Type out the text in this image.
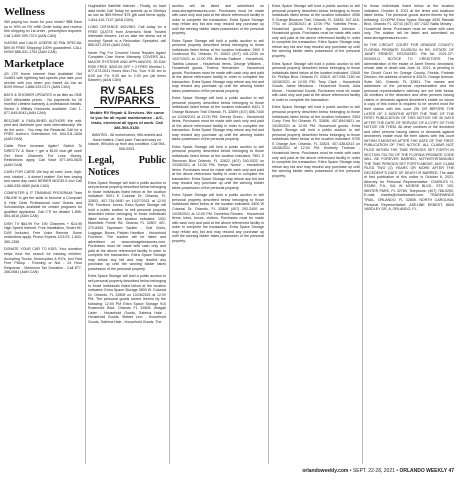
Wellness
Still paying too much for your meds? $$$ Save up to 90% on RX refill! Order today and receive free shipping on 1st order - prescription required. Call 1-855-399-7374 (AAN CAN)
VIAGRA and CIALIS USERS! 50 Pills SPECIAL $99.00 FREE Shipping! 100% guaranteed. CALL NOW! 888-531-1763 (AAN CAN)
Marketplace
4G LTE Home Internet Now Available! Get GotW3 with lightning fast speeds plus take your service with you when you travel! As low as $109.99/mo! 1-888-519-0171 (AAN CAN)
BATH & SHOWER UPDATES in as little as ONE DAY! Affordable prices - No payments for 18 months! Lifetime warranty & professional installs. Senior & Military Discounts available. Call: 1-877-649-5043 (AAN CAN)
BECOME A PUBLISHED AUTHOR! We edit, print and distribute your work internationally. We do the work... You reap the Rewards! Call for a FREE Author's Submission Kit: 844-511-1836 (AAN CAN)
Cable Price Increase Again? Switch To DIRECTV & Save + get a $100 visa gift card! Get More Channels For Less Money. Restrictions apply. Call Now! 877-693-0625 (AAN CAN)
CASH FOR CARS! We buy all cars! Junk, high-end, totaled – it doesn't matter! Get free towing and same day cash! NEWER MODELS too! Call 1-866-535-9689 (AAN CAN)
COMPUTER & IT TRAINING PROGRAM! Train ONLINE to get the skills to become a Computer & Help Desk Professional now! Grants and Scholarships available for certain programs for qualified applicants. Call CTI for details! 1-855-554-4616 (AAN CAN)
DISH TV $64.99 For 190 Channels + $14.95 High Speed Internet. Free Installation, Smart HD DVR Included, Free Voice Remote. Some restrictions apply. Promo Expires 1/21/23. 1-833-380-1358
DONATE YOUR CAR TO KIDS. Your donation helps fund the search for missing children. Accepting Trucks, Motorcycles & RV's, too! Fast Free Pickup - Running or Not - 24 Hour Response - Maximum Tax Donation - Call 877-266-0681 (AAN CAN)
HughesNet Satellite Internet - Finally, no hard data limits! Call Today for speeds up to 25mbps as low as $59.99/mo! $75 gift card terms apply. 1-844-416-7147 (AAN CAN)
LONG DISTANCE MOVING: Call today for a FREE QUOTE from America's Most Trusted Interstate Movers. Let us take the stress out of moving! Speak to a Relocation Specialist, call 855-947-2919 (AAN CAN)
Never Pay For Covered Home Repairs Again! Complete Care Home Warranty COVERS ALL MAJOR SYSTEMS AND APPLIANCES. 30 DAY RISK FREE. $200.00 OFF + 2 FREE Months! 1-877-673-0511 Hours Mon-Thu, Sun: 9:30 am to 8:00 pm Fri: 9:30 am to 2:00 pm (all times Eastern) (AAN CAN)
RV SALES RV/PARKS
Mobile RV Repair & Services. We come to you for all repair maintenance - A/C, leaks, electrical all types of work. Call 386-566-5180.
WANTED - All motorhomes, fifth-wheels and travel trailers. Cash paid. Fast and easy no hassle. Will pick up from any condition. Call 954-505-0003.
Legal, Public Notices

Extra Space Storage will hold a public auction to sell personal property described below belonging to those individuals listed below at the location indicated: 5001 E Colonial Dr, Orlando, FL 32803, 407-734-9450 on 10/27/2021 at 12:00 PM. Furniture, boxes. Extra Space Storage will hold a public auction to sell personal property described below belonging to those individuals listed below at the location indicated: 1001 Mansfield Pointe Rd, Orlando FL 32807 407-270-8450 Tayshawn Saulter - Golf Clubs, Luggage, Boxes, Pabian Hamilton - Household Furniture. The auction will be listed and advertised on www.storagetreasures.com. Purchases must be made with cash only and paid at the above referenced facility in order to complete the transaction. Extra Space Storage may refuse any bid and may rescind any purchase up until the winning bidder takes possession of the personal property.

Extra Space Storage will hold a public auction to sell personal property described below belonging to those individuals listed below at the location indicated: Extra Space Storage 3800 W. Colonial Dr. Orlando, FL 32808 on 10/28/2021 at 12:00 PM. The personal goods stored therein by the following: 12:00 PM Extra Space Storage 910 Rosemont Blvd. Orlando FL 32808, Abagail Lister - Household Goods, Sabrina Hale - Household Goods, Stefani Levi - Household Goods, Sabrina Hale - Household Goods. The

auction will be listed and advertised on www.storagetreasures.com. Purchases must be made with cash only and paid at the above referenced facility in order to complete the transaction. Extra Space Storage may refuse any bid and may rescind any purchase up until the winning bidder takes possession of the personal property.

Extra Space Storage will hold a public auction to sell personal property described below belonging to those individuals listed below at the location indicated: 1900 S Goldenrod Rd, Orlando, FL 32822 (407) 441-2230 on 10/27/2021 at 12:00 PM. Brenda Stallone - Household, Tabitha Lawson - Household items, George Williams - Household goods, Thelma Hernandez - Household goods. Purchases must be made with cash only and paid at the above referenced facility in order to complete the transaction. Extra Space Storage may refuse any bid and may rescind any purchase up until the winning bidder takes possession of the personal property.

Extra Space Storage will hold a public auction to sell personal property described below belonging to those individuals listed below at the location indicated: 8421 S Orange Blossom Trail Orlando, FL 32809 (407) 856-7440 on 10/28/2021 at 12:00 PM. Dennis Green - Household items. Purchases must be made with cash only and paid at the above referenced facility in order to complete the transaction. Extra Space Storage may refuse any bid and may rescind any purchase up until the winning bidder takes possession of the personal property.

Extra Space Storage will hold a public auction to sell personal property described below belonging to those individuals listed below at the location indicated: 7501 S Semoran Blvd Orlando, FL 32822 (407) 240-0322 on 10/28/2021 at 12:00 PM. Kerlyn Nunez - Household Items. Purchases must be made with cash only and paid at the above referenced facility in order to complete the transaction. Extra Space Storage may refuse any bid and may rescind any purchase up until the winning bidder takes possession of the personal property.

Extra Space Storage will hold a public auction to sell personal property described below belonging to those individuals listed below at the location indicated: 5400 W Colonial Dr, Orlando, FL 32808 (407) 292-2400 on 10/28/2021 at 12:00 PM. Demetria Rhodes - Household items, totes, boxes, clothes. Purchases must be made with cash only and paid at the above referenced facility in order to complete the transaction. Extra Space Storage may refuse any bid and may rescind any purchase up until the winning bidder takes possession of the personal property.

Extra Space Storage will hold a public auction to sell personal property described below belonging to those individuals listed below at the location indicated: 4955 S Orange Blossom Trail, Orlando, FL 32839, 407-516-7751 on 10/28/2021 at 12:00 PM. Yubelkis Pena - Household goods, Furniture. Ayesha Johnson - Household goods. Purchases must be made with cash only and paid at the above referenced facility in order to complete the transaction. Extra Space Storage may refuse any bid and may rescind any purchase up until the winning bidder takes possession of the personal property.

Extra Space Storage will hold a public auction to sell personal property described below belonging to those individuals listed below at the location indicated: 12640 Dr. Phillips Blvd, Orlando FL 32819, 407-938-7160 on 10/28/2021 at 12:00 PM. Tony Clark - Household Goods, Jaime Mendoza - Household Goods, Julia Moron - Household Goods. Purchases must be made with cash only and paid at the above referenced facility in order to complete the transaction.

Extra Space Storage will hold a public auction to sell personal property described below belonging to those individuals listed below at the location indicated: 3303 Curry Ford Rd Orlando FL 32806, 407-894-9821 on 10/28/2021 at 12:00 PM. Household goods. Extra Space Storage will hold a public auction to sell personal property described below belonging to those individuals listed below at the location indicated: 9700 S Orange Ave, Orlando, FL 32824, 407-438-6313 on 10/28/2021 at 12:00 PM. Kimberly Trotman - Household Items. Purchases must be made with cash only and paid at the above referenced facility in order to complete the transaction. Extra Space Storage may refuse any bid and may rescind any purchase up until the winning bidder takes possession of the personal property.

to those individuals listed below at the location indicated: October 8, 2021 at the times and locations listed below. The personal goods stored therein by the following: 12:00PM Extra Space Storage 4930 Randall Blvd, Orlando FL 32743 (407) 407-7422 Natia Mosley - Household items. Purchases must be made with cash only. The auction will be listed and advertised on www.storagetreasures.com.

IN THE CIRCUIT COURT FOR ORANGE COUNTY, FLORIDA PROBATE DIVISION IN RE: ESTATE OF JANET ERNEST, DECEASED. File No. 2021-CP-003005-O. NOTICE TO CREDITORS. The administration of the estate of Janet Ernest, deceased, whose date of death was June 14, 2021, is pending in the Circuit Court for Orange County, Florida, Probate Division, the address of which is 425 N. Orange Avenue, Suite 340, Orlando, FL 32801. The names and addresses of the personal representative and the personal representative's attorney are set forth below. All creditors of the decedent and other persons having claims or demands against decedent's estate on whom a copy of this notice is required to be served must file their claims with this court ON OR BEFORE THE LATER OF 3 MONTHS AFTER THE TIME OF THE FIRST PUBLICATION OF THIS NOTICE OR 30 DAYS AFTER THE DATE OF SERVICE OF A COPY OF THIS NOTICE ON THEM. All other creditors of the decedent and other persons having claims or demands against decedent's estate must file their claims with this court WITHIN 3 MONTHS AFTER THE DATE OF THE FIRST PUBLICATION OF THIS NOTICE. ALL CLAIMS NOT FILED WITHIN THE TIME PERIODS SET FORTH IN SECTION 733.702 OF THE FLORIDA PROBATE CODE WILL BE FOREVER BARRED. NOTWITHSTANDING THE TIME PERIODS SET FORTH ABOVE, ANY CLAIM FILED TWO (2) YEARS OR MORE AFTER THE DECEDENT'S DATE OF DEATH IS BARRED. The date of first publication of this notice is October 6, 2021. Attorney for Personal Representative: CHARLES H. STARK, P.A., 941 W. MORSE BLVD., STE. 100, WINTER PARK, FL 32789, Telephone: (407) 788-0250, E-mail: charles@charlesstark.com. TRADEWINDS TRAIL, ORLANDO, FL 32805. NORTH CAROLINA, Personal Representative: ADELINE ERNEST, 8600 YARDLEY DR, 8, ORLANDO, FL.

orlandoweekly.com • SEPT. 22-28, 2021 • ORLANDO WEEKLY 47
